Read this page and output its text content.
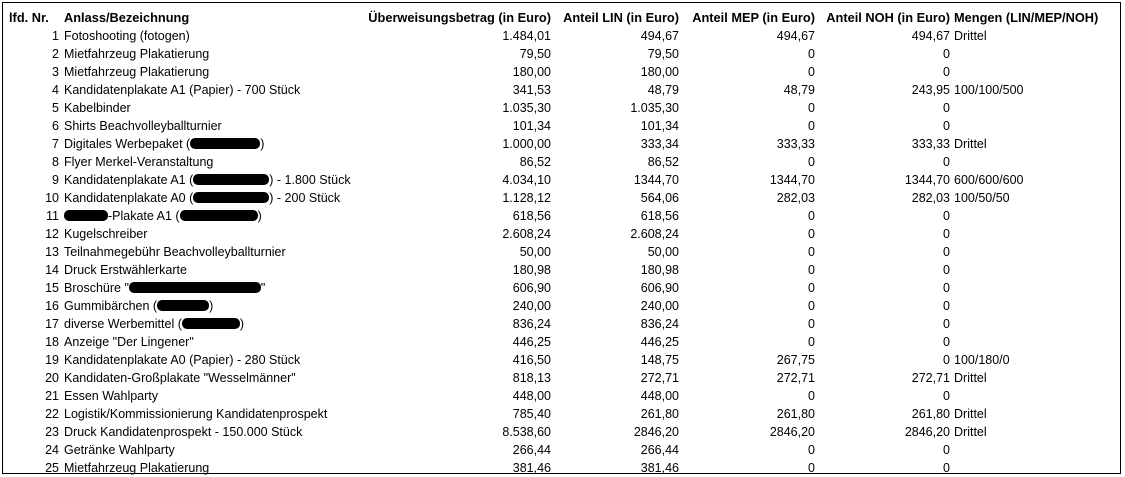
lfd. Nr.	Anlass/Bezeichnung	Überweisungsbetrag (in Euro)	Anteil LIN (in Euro)	Anteil MEP (in Euro)	Anteil NOH (in Euro)	Mengen (LIN/MEP/NOH)
1	Fotoshooting (fotogen)	1.484,01	494,67	494,67	494,67	Drittel
2	Mietfahrzeug Plakatierung	79,50	79,50	0	0	
3	Mietfahrzeug Plakatierung	180,00	180,00	0	0	
4	Kandidatenplakate A1 (Papier) - 700 Stück	341,53	48,79	48,79	243,95	100/100/500
5	Kabelbinder	1.035,30	1.035,30	0	0	
6	Shirts Beachvolleyballturnier	101,34	101,34	0	0	
7	Digitales Werbepaket ( )	1.000,00	333,34	333,33	333,33	Drittel
8	Flyer Merkel-Veranstaltung	86,52	86,52	0	0	
9	Kandidatenplakate A1 ( ) - 1.800 Stück	4.034,10	1344,70	1344,70	1344,70	600/600/600
10	Kandidatenplakate A0 ( ) - 200 Stück	1.128,12	564,06	282,03	282,03	100/50/50
11	-Plakate A1 ( )	618,56	618,56	0	0	
12	Kugelschreiber	2.608,24	2.608,24	0	0	
13	Teilnahmegebühr Beachvolleyballturnier	50,00	50,00	0	0	
14	Druck Erstwählerkarte	180,98	180,98	0	0	
15	Broschüre " "	606,90	606,90	0	0	
16	Gummibärchen ( )	240,00	240,00	0	0	
17	diverse Werbemittel ( )	836,24	836,24	0	0	
18	Anzeige "Der Lingener"	446,25	446,25	0	0	
19	Kandidatenplakate A0 (Papier) - 280 Stück	416,50	148,75	267,75	0	100/180/0
20	Kandidaten-Großplakate "Wesselmänner"	818,13	272,71	272,71	272,71	Drittel
21	Essen Wahlparty	448,00	448,00	0	0	
22	Logistik/Kommissionierung Kandidatenprospekt	785,40	261,80	261,80	261,80	Drittel
23	Druck Kandidatenprospekt - 150.000 Stück	8.538,60	2846,20	2846,20	2846,20	Drittel
24	Getränke Wahlparty	266,44	266,44	0	0	
25	Mietfahrzeug Plakatierung	381,46	381,46	0	0	
